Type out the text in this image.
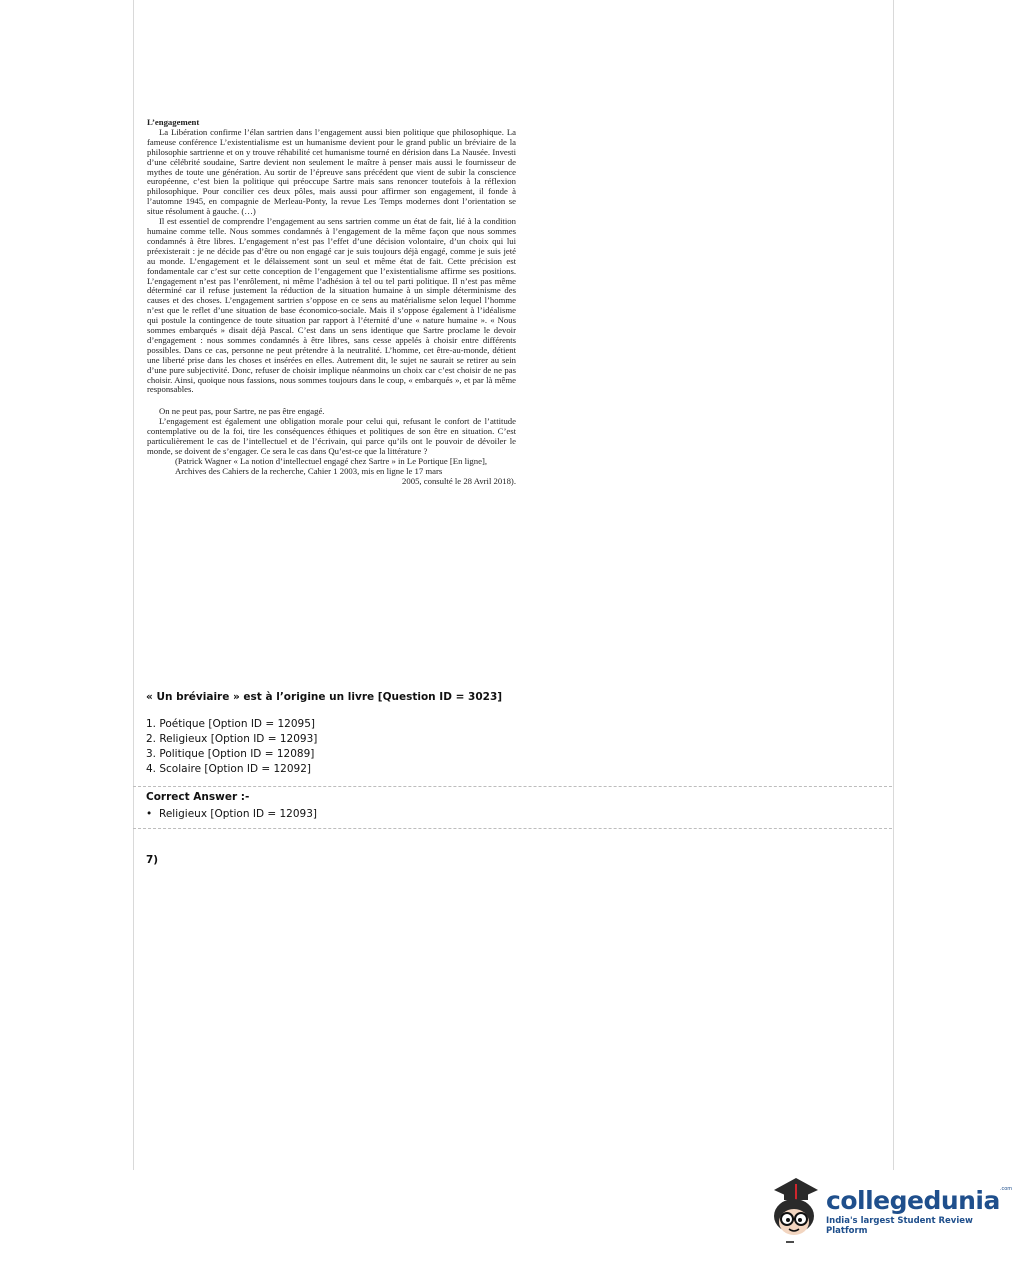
L’engagement

La Libération confirme l’élan sartrien dans l’engagement aussi bien politique que philosophique. La fameuse conférence L’existentialisme est un humanisme devient pour le grand public un bréviaire de la philosophie sartrienne et on y trouve réhabilité cet humanisme tourné en dérision dans La Nausée. Investi d’une célébrité soudaine, Sartre devient non seulement le maître à penser mais aussi le fournisseur de mythes de toute une génération. Au sortir de l’épreuve sans précédent que vient de subir la conscience européenne, c’est bien la politique qui préoccupe Sartre mais sans renoncer toutefois à la réflexion philosophique. Pour concilier ces deux pôles, mais aussi pour affirmer son engagement, il fonde à l’automne 1945, en compagnie de Merleau-Ponty, la revue Les Temps modernes dont l’orientation se situe résolument à gauche. (…)

Il est essentiel de comprendre l’engagement au sens sartrien comme un état de fait, lié à la condition humaine comme telle. Nous sommes condamnés à l’engagement de la même façon que nous sommes condamnés à être libres. L’engagement n’est pas l’effet d’une décision volontaire, d’un choix qui lui préexisterait : je ne décide pas d’être ou non engagé car je suis toujours déjà engagé, comme je suis jeté au monde. L’engagement et le délaissement sont un seul et même état de fait. Cette précision est fondamentale car c’est sur cette conception de l’engagement que l’existentialisme affirme ses positions. L’engagement n’est pas l’enrôlement, ni même l’adhésion à tel ou tel parti politique. Il n’est pas même déterminé car il refuse justement la réduction de la situation humaine à un simple déterminisme des causes et des choses. L’engagement sartrien s’oppose en ce sens au matérialisme selon lequel l’homme n’est que le reflet d’une situation de base économico-sociale. Mais il s’oppose également à l’idéalisme qui postule la contingence de toute situation par rapport à l’éternité d’une « nature humaine ». « Nous sommes embarqués » disait déjà Pascal. C’est dans un sens identique que Sartre proclame le devoir d’engagement : nous sommes condamnés à être libres, sans cesse appelés à choisir entre différents possibles. Dans ce cas, personne ne peut prétendre à la neutralité. L’homme, cet être-au-monde, détient une liberté prise dans les choses et insérées en elles. Autrement dit, le sujet ne saurait se retirer au sein d’une pure subjectivité. Donc, refuser de choisir implique néanmoins un choix car c’est choisir de ne pas choisir. Ainsi, quoique nous fassions, nous sommes toujours dans le coup, « embarqués », et par là même responsables.

On ne peut pas, pour Sartre, ne pas être engagé.

L’engagement est également une obligation morale pour celui qui, refusant le confort de l’attitude contemplative ou de la foi, tire les conséquences éthiques et politiques de son être en situation. C’est particulièrement le cas de l’intellectuel et de l’écrivain, qui parce qu’ils ont le pouvoir de dévoiler le monde, se doivent de s’engager. Ce sera le cas dans Qu’est-ce que la littérature ?

(Patrick Wagner « La notion d’intellectuel engagé chez Sartre » in Le Portique [En ligne], Archives des Cahiers de la recherche, Cahier 1 2003, mis en ligne le 17 mars

2005, consulté le 28 Avril 2018).

« Un bréviaire » est à l’origine un livre [Question ID = 3023]
1. Poétique [Option ID = 12095]
2. Religieux [Option ID = 12093]
3. Politique [Option ID = 12089]
4. Scolaire [Option ID = 12092]
Correct Answer :-
• Religieux [Option ID = 12093]
7)
collegedunia$^{.com}$
India's largest Student Review Platform
